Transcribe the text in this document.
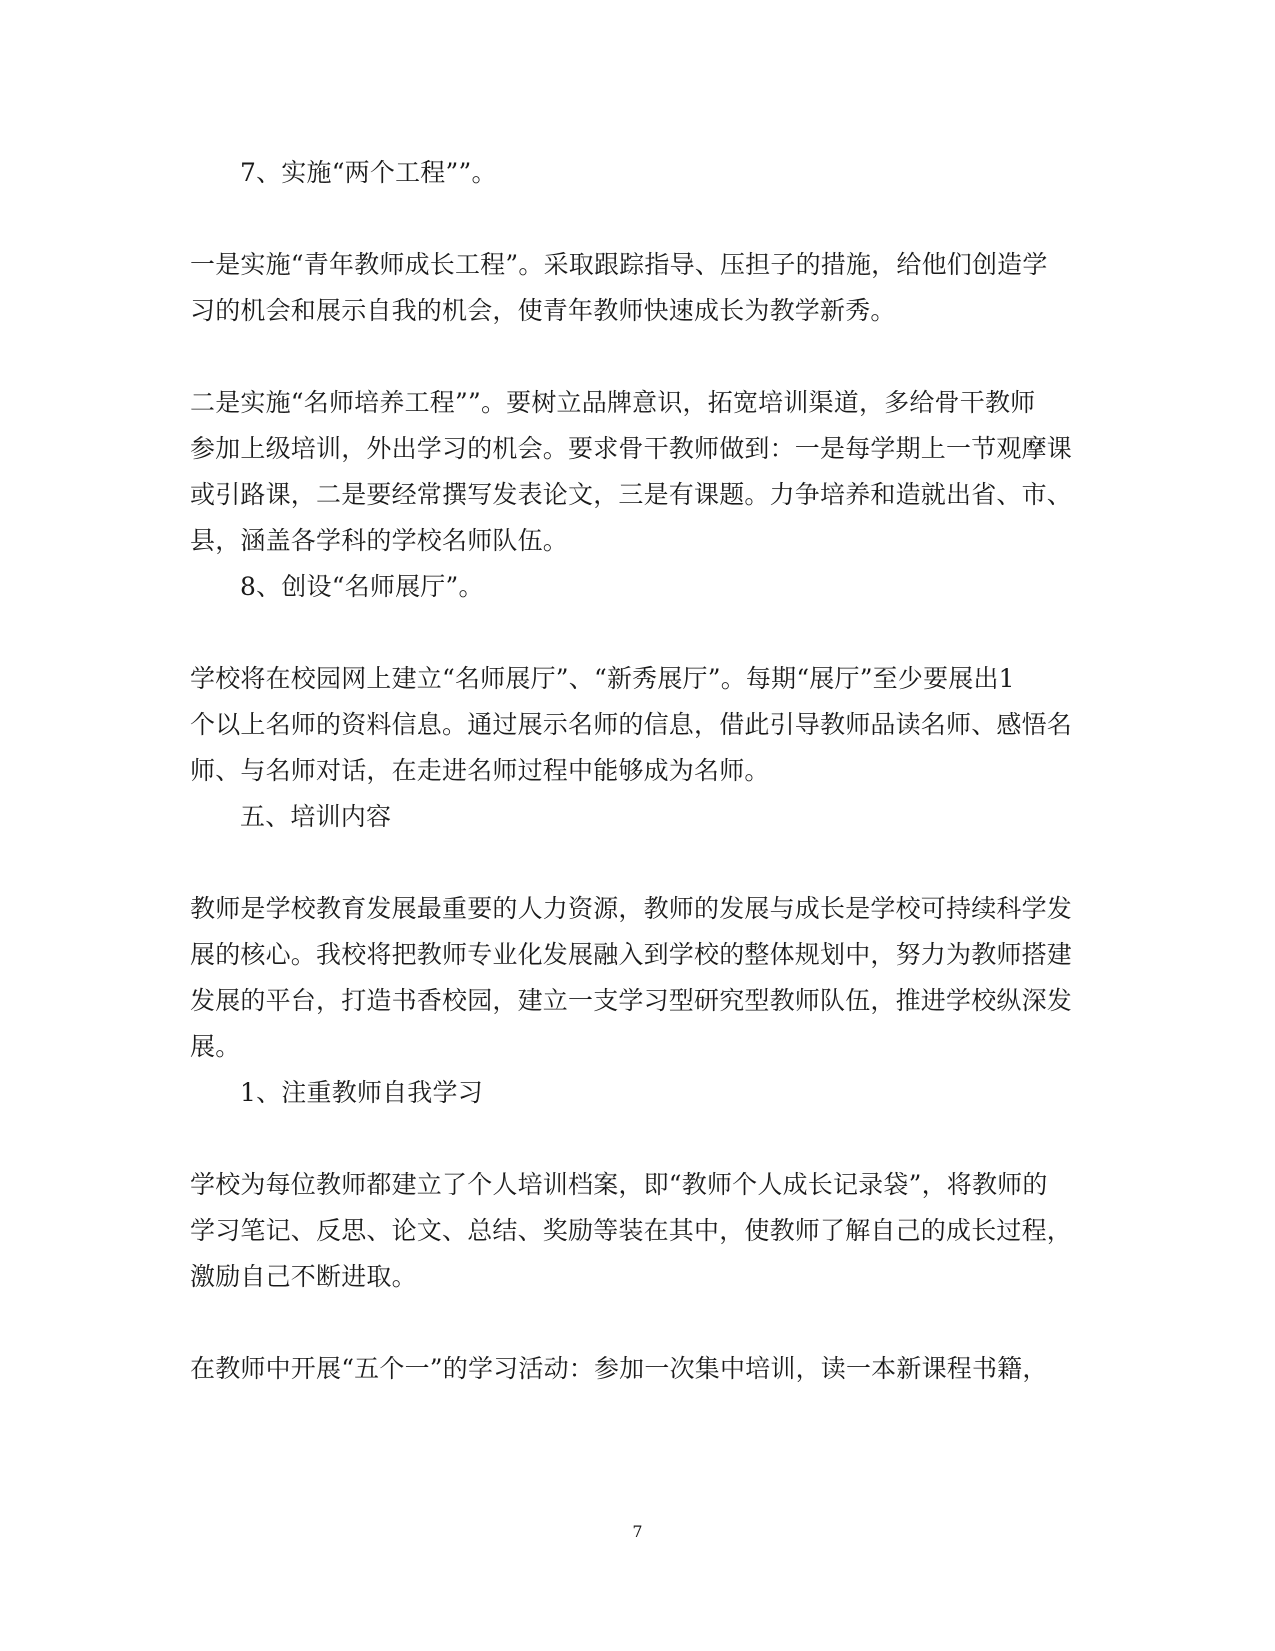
7、实施“两个工程””。
一是实施“青年教师成长工程”。采取跟踪指导、压担子的措施，给他们创造学
习的机会和展示自我的机会，使青年教师快速成长为教学新秀。
二是实施“名师培养工程””。要树立品牌意识，拓宽培训渠道，多给骨干教师
参加上级培训，外出学习的机会。要求骨干教师做到：一是每学期上一节观摩课
或引路课，二是要经常撰写发表论文，三是有课题。力争培养和造就出省、市、
县，涵盖各学科的学校名师队伍。
8、创设“名师展厅”。
学校将在校园网上建立“名师展厅”、“新秀展厅”。每期“展厅”至少要展出1
个以上名师的资料信息。通过展示名师的信息，借此引导教师品读名师、感悟名
师、与名师对话，在走进名师过程中能够成为名师。
五、培训内容
教师是学校教育发展最重要的人力资源，教师的发展与成长是学校可持续科学发
展的核心。我校将把教师专业化发展融入到学校的整体规划中，努力为教师搭建
发展的平台，打造书香校园，建立一支学习型研究型教师队伍，推进学校纵深发
展。
1、注重教师自我学习
学校为每位教师都建立了个人培训档案，即“教师个人成长记录袋”，将教师的
学习笔记、反思、论文、总结、奖励等装在其中，使教师了解自己的成长过程，
激励自己不断进取。
在教师中开展“五个一”的学习活动：参加一次集中培训，读一本新课程书籍，
7
